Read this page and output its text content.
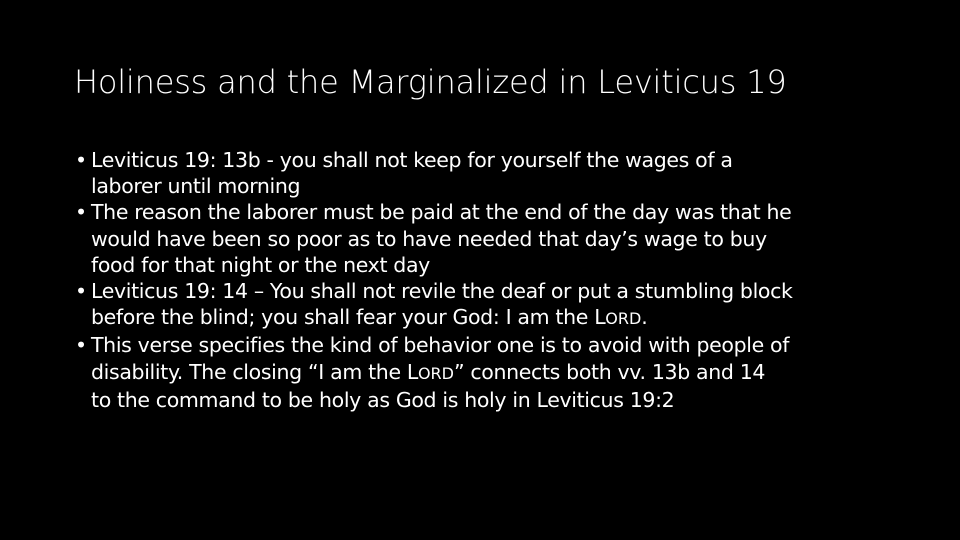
Holiness and the Marginalized in Leviticus 19
• Leviticus 19: 13b - you shall not keep for yourself the wages of a
laborer until morning
• The reason the laborer must be paid at the end of the day was that he
would have been so poor as to have needed that day’s wage to buy
food for that night or the next day
• Leviticus 19: 14 – You shall not revile the deaf or put a stumbling block
before the blind; you shall fear your God: I am the LORD.
• This verse specifies the kind of behavior one is to avoid with people of
disability. The closing “I am the LORD” connects both vv. 13b and 14
to the command to be holy as God is holy in Leviticus 19:2
